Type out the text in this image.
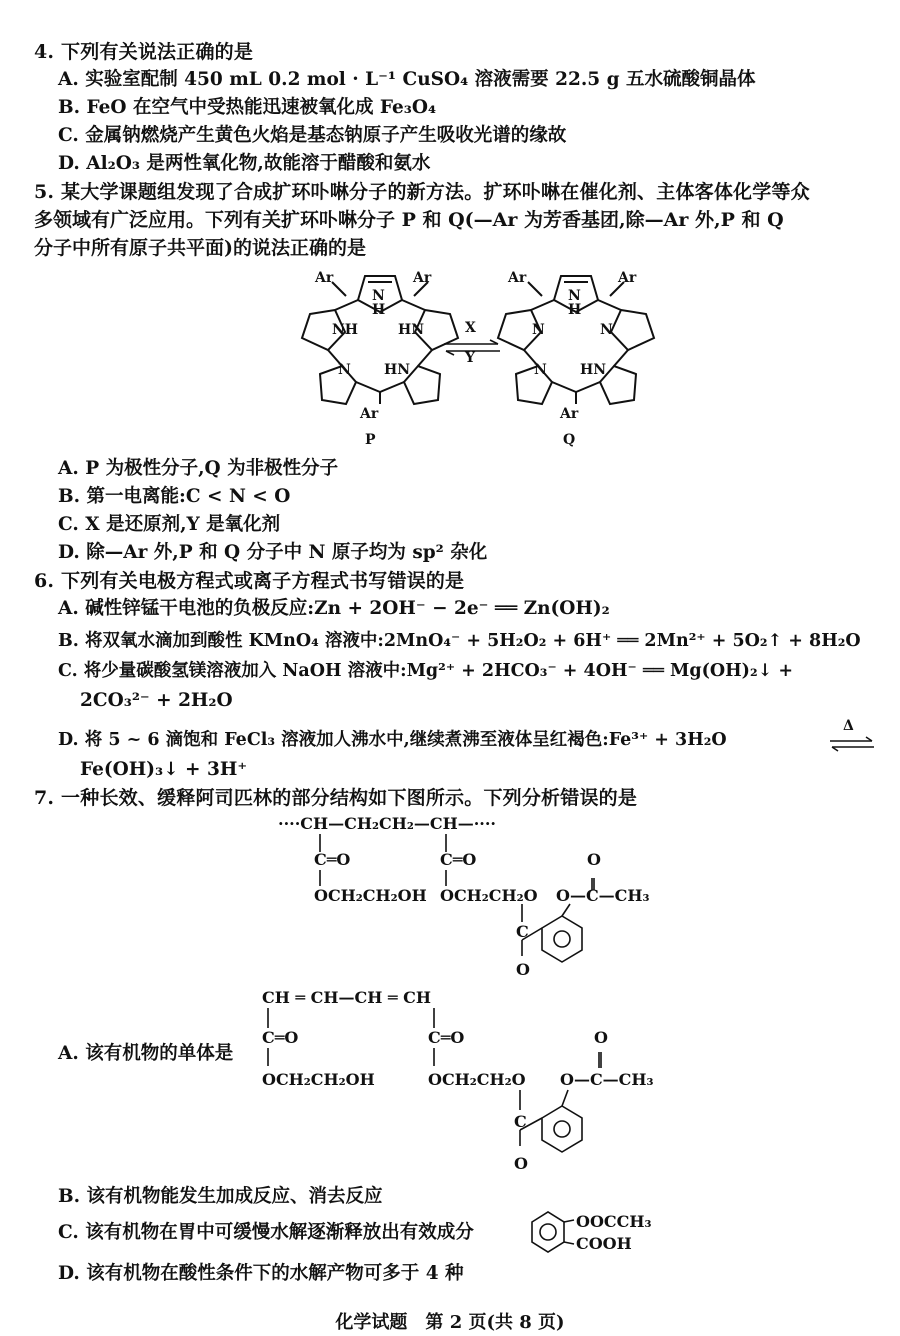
4. 下列有关说法正确的是
A. 实验室配制 450 mL 0.2 mol · L⁻¹ CuSO₄ 溶液需要 22.5 g 五水硫酸铜晶体
B. FeO 在空气中受热能迅速被氧化成 Fe₃O₄
C. 金属钠燃烧产生黄色火焰是基态钠原子产生吸收光谱的缘故
D. Al₂O₃ 是两性氧化物,故能溶于醋酸和氨水
5. 某大学课题组发现了合成扩环卟啉分子的新方法。扩环卟啉在催化剂、主体客体化学等众
多领域有广泛应用。下列有关扩环卟啉分子 P 和 Q(—Ar 为芳香基团,除—Ar 外,P 和 Q
分子中所有原子共平面)的说法正确的是
Ar	Ar
N
H
NH	HN
N HN
Ar
P
X
Y
Ar	Ar
N
H
N	N
N HN
Ar
Q
A. P 为极性分子,Q 为非极性分子
B. 第一电离能:C < N < O
C. X 是还原剂,Y 是氧化剂
D. 除—Ar 外,P 和 Q 分子中 N 原子均为 sp² 杂化
6. 下列有关电极方程式或离子方程式书写错误的是
A. 碱性锌锰干电池的负极反应:Zn + 2OH⁻ − 2e⁻ ══ Zn(OH)₂
B. 将双氧水滴加到酸性 KMnO₄ 溶液中:2MnO₄⁻ + 5H₂O₂ + 6H⁺ ══ 2Mn²⁺ + 5O₂↑ + 8H₂O
C. 将少量碳酸氢镁溶液加入 NaOH 溶液中:Mg²⁺ + 2HCO₃⁻ + 4OH⁻ ══ Mg(OH)₂↓ +
2CO₃²⁻ + 2H₂O
D. 将 5 ~ 6 滴饱和 FeCl₃ 溶液加人沸水中,继续煮沸至液体呈红褐色:Fe³⁺ + 3H₂O
Δ
Fe(OH)₃↓ + 3H⁺
7. 一种长效、缓释阿司匹林的部分结构如下图所示。下列分析错误的是
····CH—CH₂CH₂—CH—····
C═O	C═O
OCH₂CH₂OH OCH₂CH₂O
O
O—C—CH₃
C
O
A. 该有机物的单体是
CH ═ CH—CH ═ CH
C═O	C═O
OCH₂CH₂OH	OCH₂CH₂O
O
O—C—CH₃
C
O
B. 该有机物能发生加成反应、消去反应
C. 该有机物在胃中可缓慢水解逐渐释放出有效成分
OOCCH₃
COOH
D. 该有机物在酸性条件下的水解产物可多于 4 种
化学试题　第 2 页(共 8 页)
